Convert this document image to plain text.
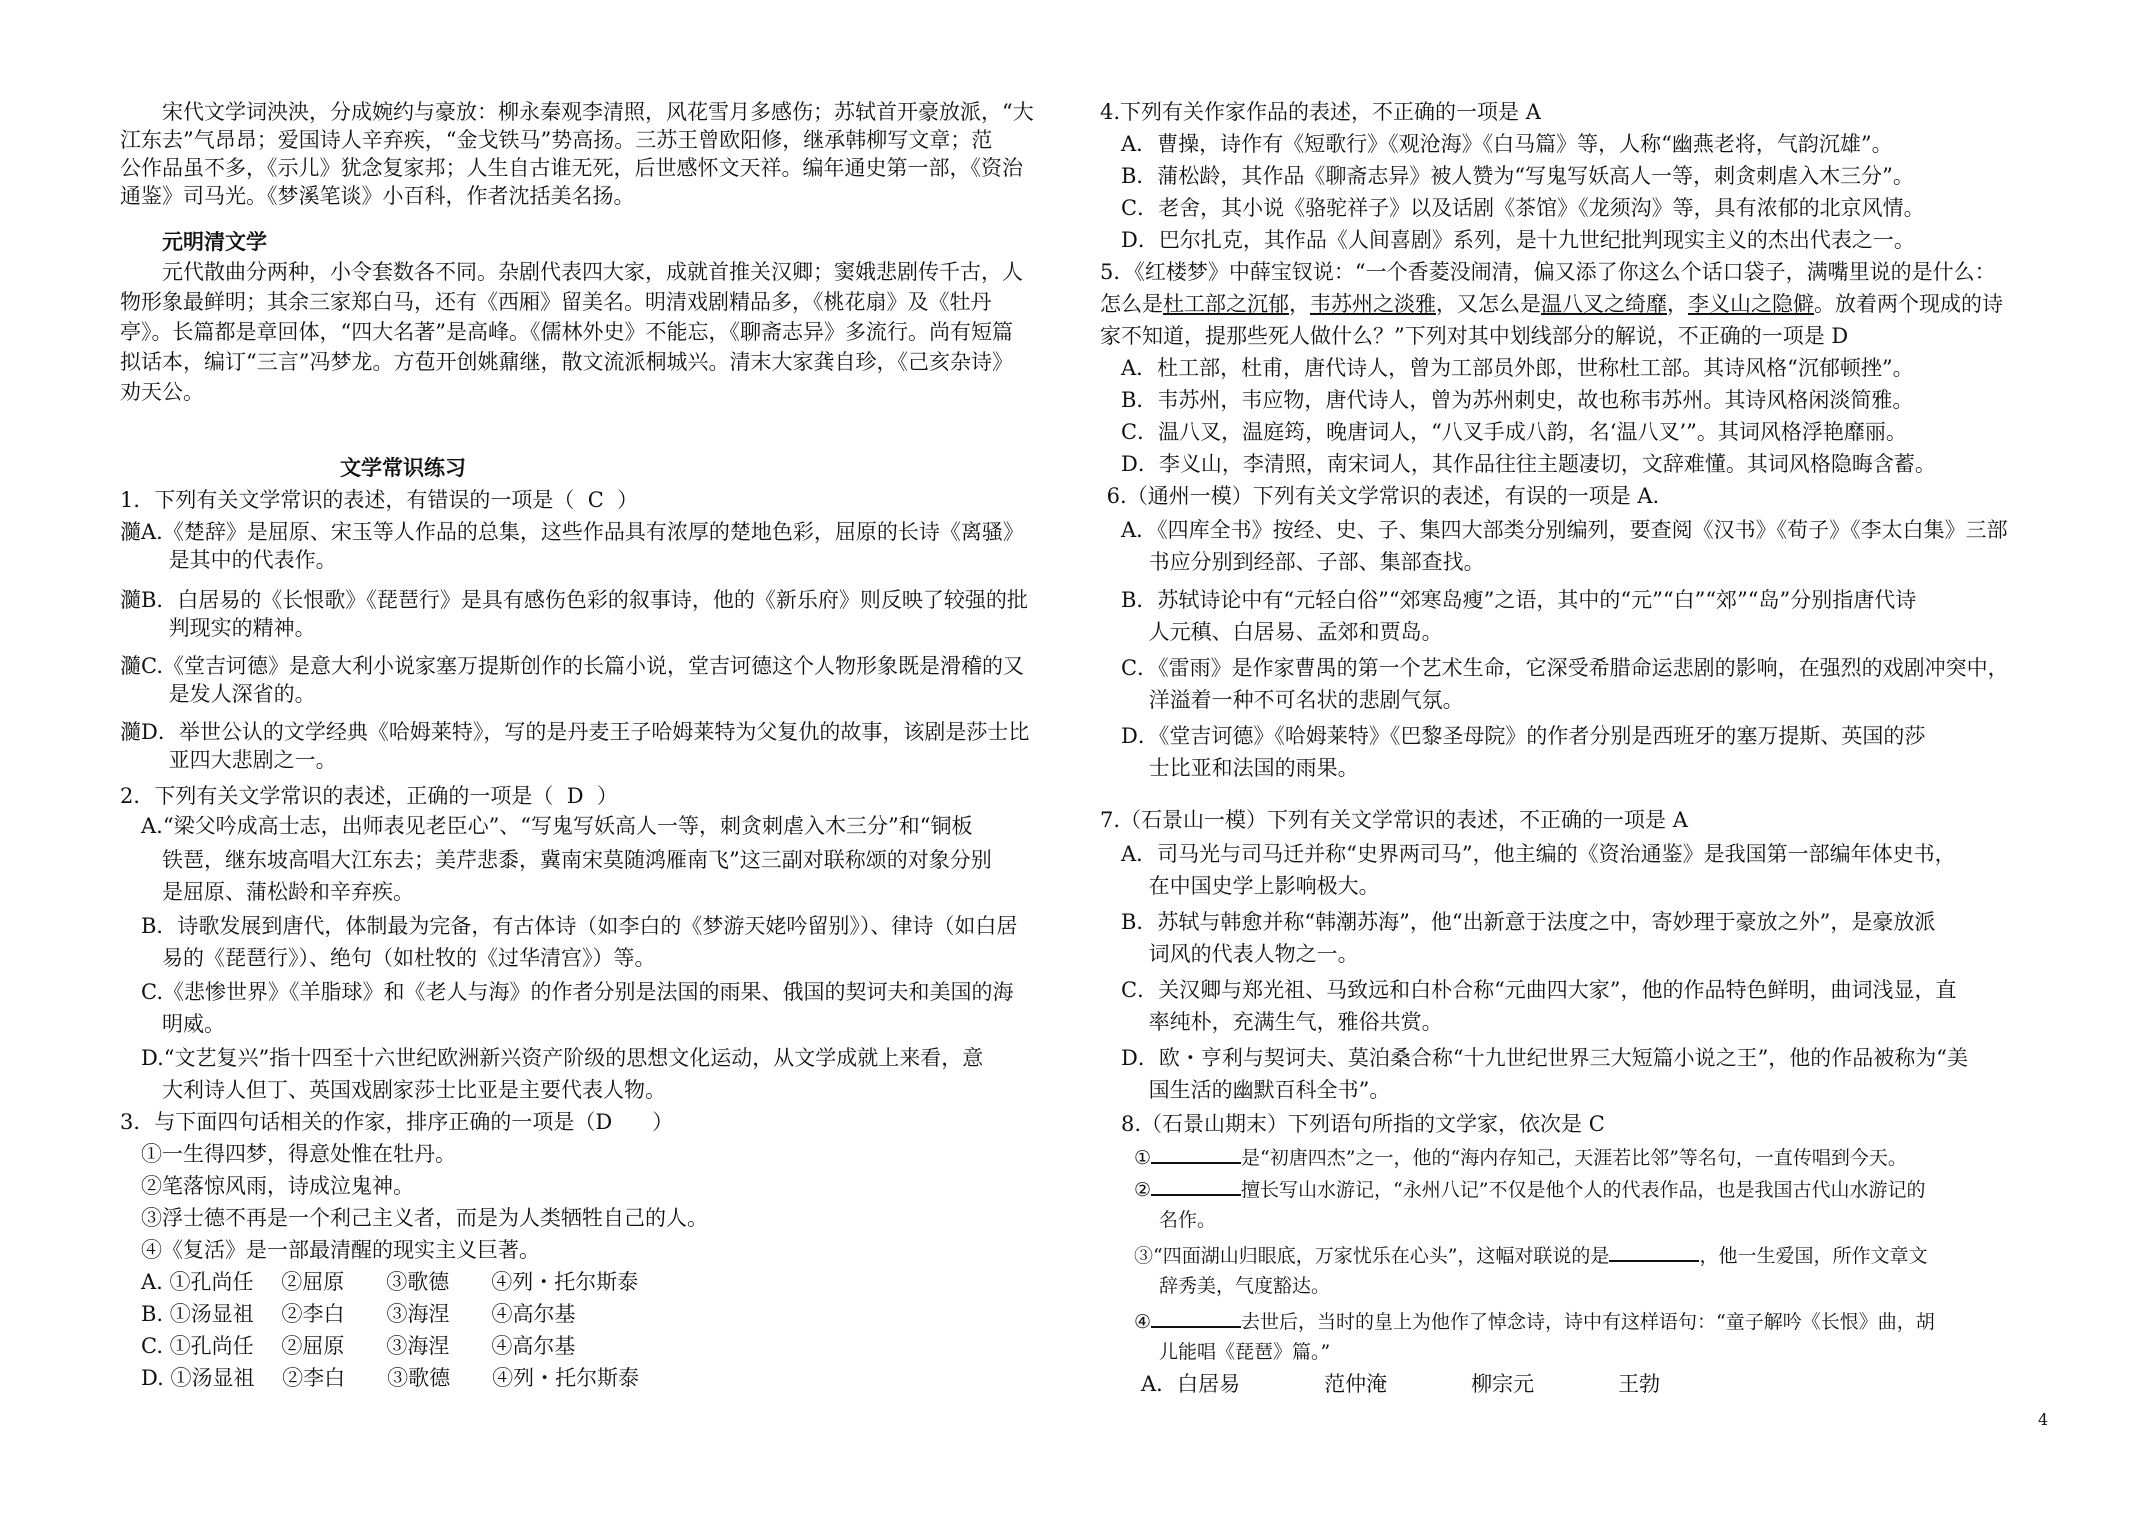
　　宋代文学词泱泱，分成婉约与豪放：柳永秦观李清照，风花雪月多感伤；苏轼首开豪放派，“大
江东去”气昂昂；爱国诗人辛弃疾，“金戈铁马”势高扬。三苏王曾欧阳修，继承韩柳写文章；范
公作品虽不多，《示儿》犹念复家邦；人生自古谁无死，后世感怀文天祥。编年通史第一部，《资治
通鉴》司马光。《梦溪笔谈》小百科，作者沈括美名扬。
元明清文学
　　元代散曲分两种，小令套数各不同。杂剧代表四大家，成就首推关汉卿；窦娥悲剧传千古，人
物形象最鲜明；其余三家郑白马，还有《西厢》留美名。明清戏剧精品多，《桃花扇》及《牡丹
亭》。长篇都是章回体，“四大名著”是高峰。《儒林外史》不能忘，《聊斋志异》多流行。尚有短篇
拟话本，编订“三言”冯梦龙。方苞开创姚鼐继，散文流派桐城兴。清末大家龚自珍，《己亥杂诗》
劝天公。
文学常识练习
1．下列有关文学常识的表述，有错误的一项是（  C  ）
瀡A.《楚辞》是屈原、宋玉等人作品的总集，这些作品具有浓厚的楚地色彩，屈原的长诗《离骚》
　　 是其中的代表作。
瀡B．白居易的《长恨歌》《琵琶行》是具有感伤色彩的叙事诗，他的《新乐府》则反映了较强的批
　　 判现实的精神。
瀡C.《堂吉诃德》是意大利小说家塞万提斯创作的长篇小说，堂吉诃德这个人物形象既是滑稽的又
　　 是发人深省的。
瀡D．举世公认的文学经典《哈姆莱特》，写的是丹麦王子哈姆莱特为父复仇的故事，该剧是莎士比
　　 亚四大悲剧之一。
2．下列有关文学常识的表述，正确的一项是（  D  ）
　A.“梁父吟成高士志，出师表见老臣心”、“写鬼写妖高人一等，刺贪刺虐入木三分”和“铜板
　　铁琶，继东坡高唱大江东去；美芹悲黍，冀南宋莫随鸿雁南飞”这三副对联称颂的对象分别
　　是屈原、蒲松龄和辛弃疾。
　B．诗歌发展到唐代，体制最为完备，有古体诗（如李白的《梦游天姥吟留别》）、律诗（如白居
　　易的《琵琶行》）、绝句（如杜牧的《过华清宫》）等。
　C.《悲惨世界》《羊脂球》和《老人与海》的作者分别是法国的雨果、俄国的契诃夫和美国的海
　　明威。
　D.“文艺复兴”指十四至十六世纪欧洲新兴资产阶级的思想文化运动，从文学成就上来看，意
　　大利诗人但丁、英国戏剧家莎士比亚是主要代表人物。
3．与下面四句话相关的作家，排序正确的一项是（D      ）
　①一生得四梦，得意处惟在牡丹。
　②笔落惊风雨，诗成泣鬼神。
　③浮士德不再是一个利己主义者，而是为人类牺牲自己的人。
　④《复活》是一部最清醒的现实主义巨著。
　A. ①孔尚任　 ②屈原　　③歌德　　④列・托尔斯泰
　B. ①汤显祖　 ②李白　　③海涅　　④高尔基
　C. ①孔尚任　 ②屈原　　③海涅　　④高尔基
　D. ①汤显祖　 ②李白　　③歌德　　④列・托尔斯泰
4.下列有关作家作品的表述，不正确的一项是 A
　A．曹操，诗作有《短歌行》《观沧海》《白马篇》等，人称“幽燕老将，气韵沉雄”。
　B．蒲松龄，其作品《聊斋志异》被人赞为“写鬼写妖高人一等，刺贪刺虐入木三分”。
　C．老舍，其小说《骆驼祥子》以及话剧《茶馆》《龙须沟》等，具有浓郁的北京风情。
　D．巴尔扎克，其作品《人间喜剧》系列，是十九世纪批判现实主义的杰出代表之一。
5．《红楼梦》中薛宝钗说：“一个香菱没闹清，偏又添了你这么个话口袋子，满嘴里说的是什么：
怎么是杜工部之沉郁，韦苏州之淡雅，又怎么是温八叉之绮靡，李义山之隐僻。放着两个现成的诗
家不知道，提那些死人做什么？”下列对其中划线部分的解说，不正确的一项是 D
　A．杜工部，杜甫，唐代诗人，曾为工部员外郎，世称杜工部。其诗风格“沉郁顿挫”。
　B．韦苏州，韦应物，唐代诗人，曾为苏州刺史，故也称韦苏州。其诗风格闲淡简雅。
　C．温八叉，温庭筠，晚唐词人，“八叉手成八韵，名‘温八叉’”。其词风格浮艳靡丽。
　D．李义山，李清照，南宋词人，其作品往往主题凄切，文辞难懂。其词风格隐晦含蓄。
6.（通州一模）下列有关文学常识的表述，有误的一项是 A.
　A．《四库全书》按经、史、子、集四大部类分别编列，要查阅《汉书》《荀子》《李太白集》三部
　　 书应分别到经部、子部、集部查找。
　B．苏轼诗论中有“元轻白俗”“郊寒岛瘦”之语，其中的“元”“白”“郊”“岛”分别指唐代诗
　　 人元稹、白居易、孟郊和贾岛。
　C．《雷雨》是作家曹禺的第一个艺术生命，它深受希腊命运悲剧的影响，在强烈的戏剧冲突中，
　　 洋溢着一种不可名状的悲剧气氛。
　D．《堂吉诃德》《哈姆莱特》《巴黎圣母院》的作者分别是西班牙的塞万提斯、英国的莎
　　 士比亚和法国的雨果。
7.（石景山一模）下列有关文学常识的表述，不正确的一项是 A
　A．司马光与司马迁并称“史界两司马”，他主编的《资治通鉴》是我国第一部编年体史书，
　　 在中国史学上影响极大。
　B．苏轼与韩愈并称“韩潮苏海”，他“出新意于法度之中，寄妙理于豪放之外”，是豪放派
　　 词风的代表人物之一。
　C．关汉卿与郑光祖、马致远和白朴合称“元曲四大家”，他的作品特色鲜明，曲词浅显，直
　　 率纯朴，充满生气，雅俗共赏。
　D．欧・亨利与契诃夫、莫泊桑合称“十九世纪世界三大短篇小说之王”，他的作品被称为“美
　　 国生活的幽默百科全书”。
　8.（石景山期末）下列语句所指的文学家，依次是 C
①	是“初唐四杰”之一，他的“海内存知己，天涯若比邻”等名句，一直传唱到今天。
②	擅长写山水游记，“永州八记”不仅是他个人的代表作品，也是我国古代山水游记的
　 名作。
③“四面湖山归眼底，万家忧乐在心头”，这幅对联说的是	，他一生爱国，所作文章文
　 辞秀美，气度豁达。
④	去世后，当时的皇上为他作了悼念诗，诗中有这样语句：“童子解吟《长恨》曲，胡
　 儿能唱《琵琶》篇。”
　A．白居易　　　　范仲淹　　　　柳宗元　　　　王勃
4
